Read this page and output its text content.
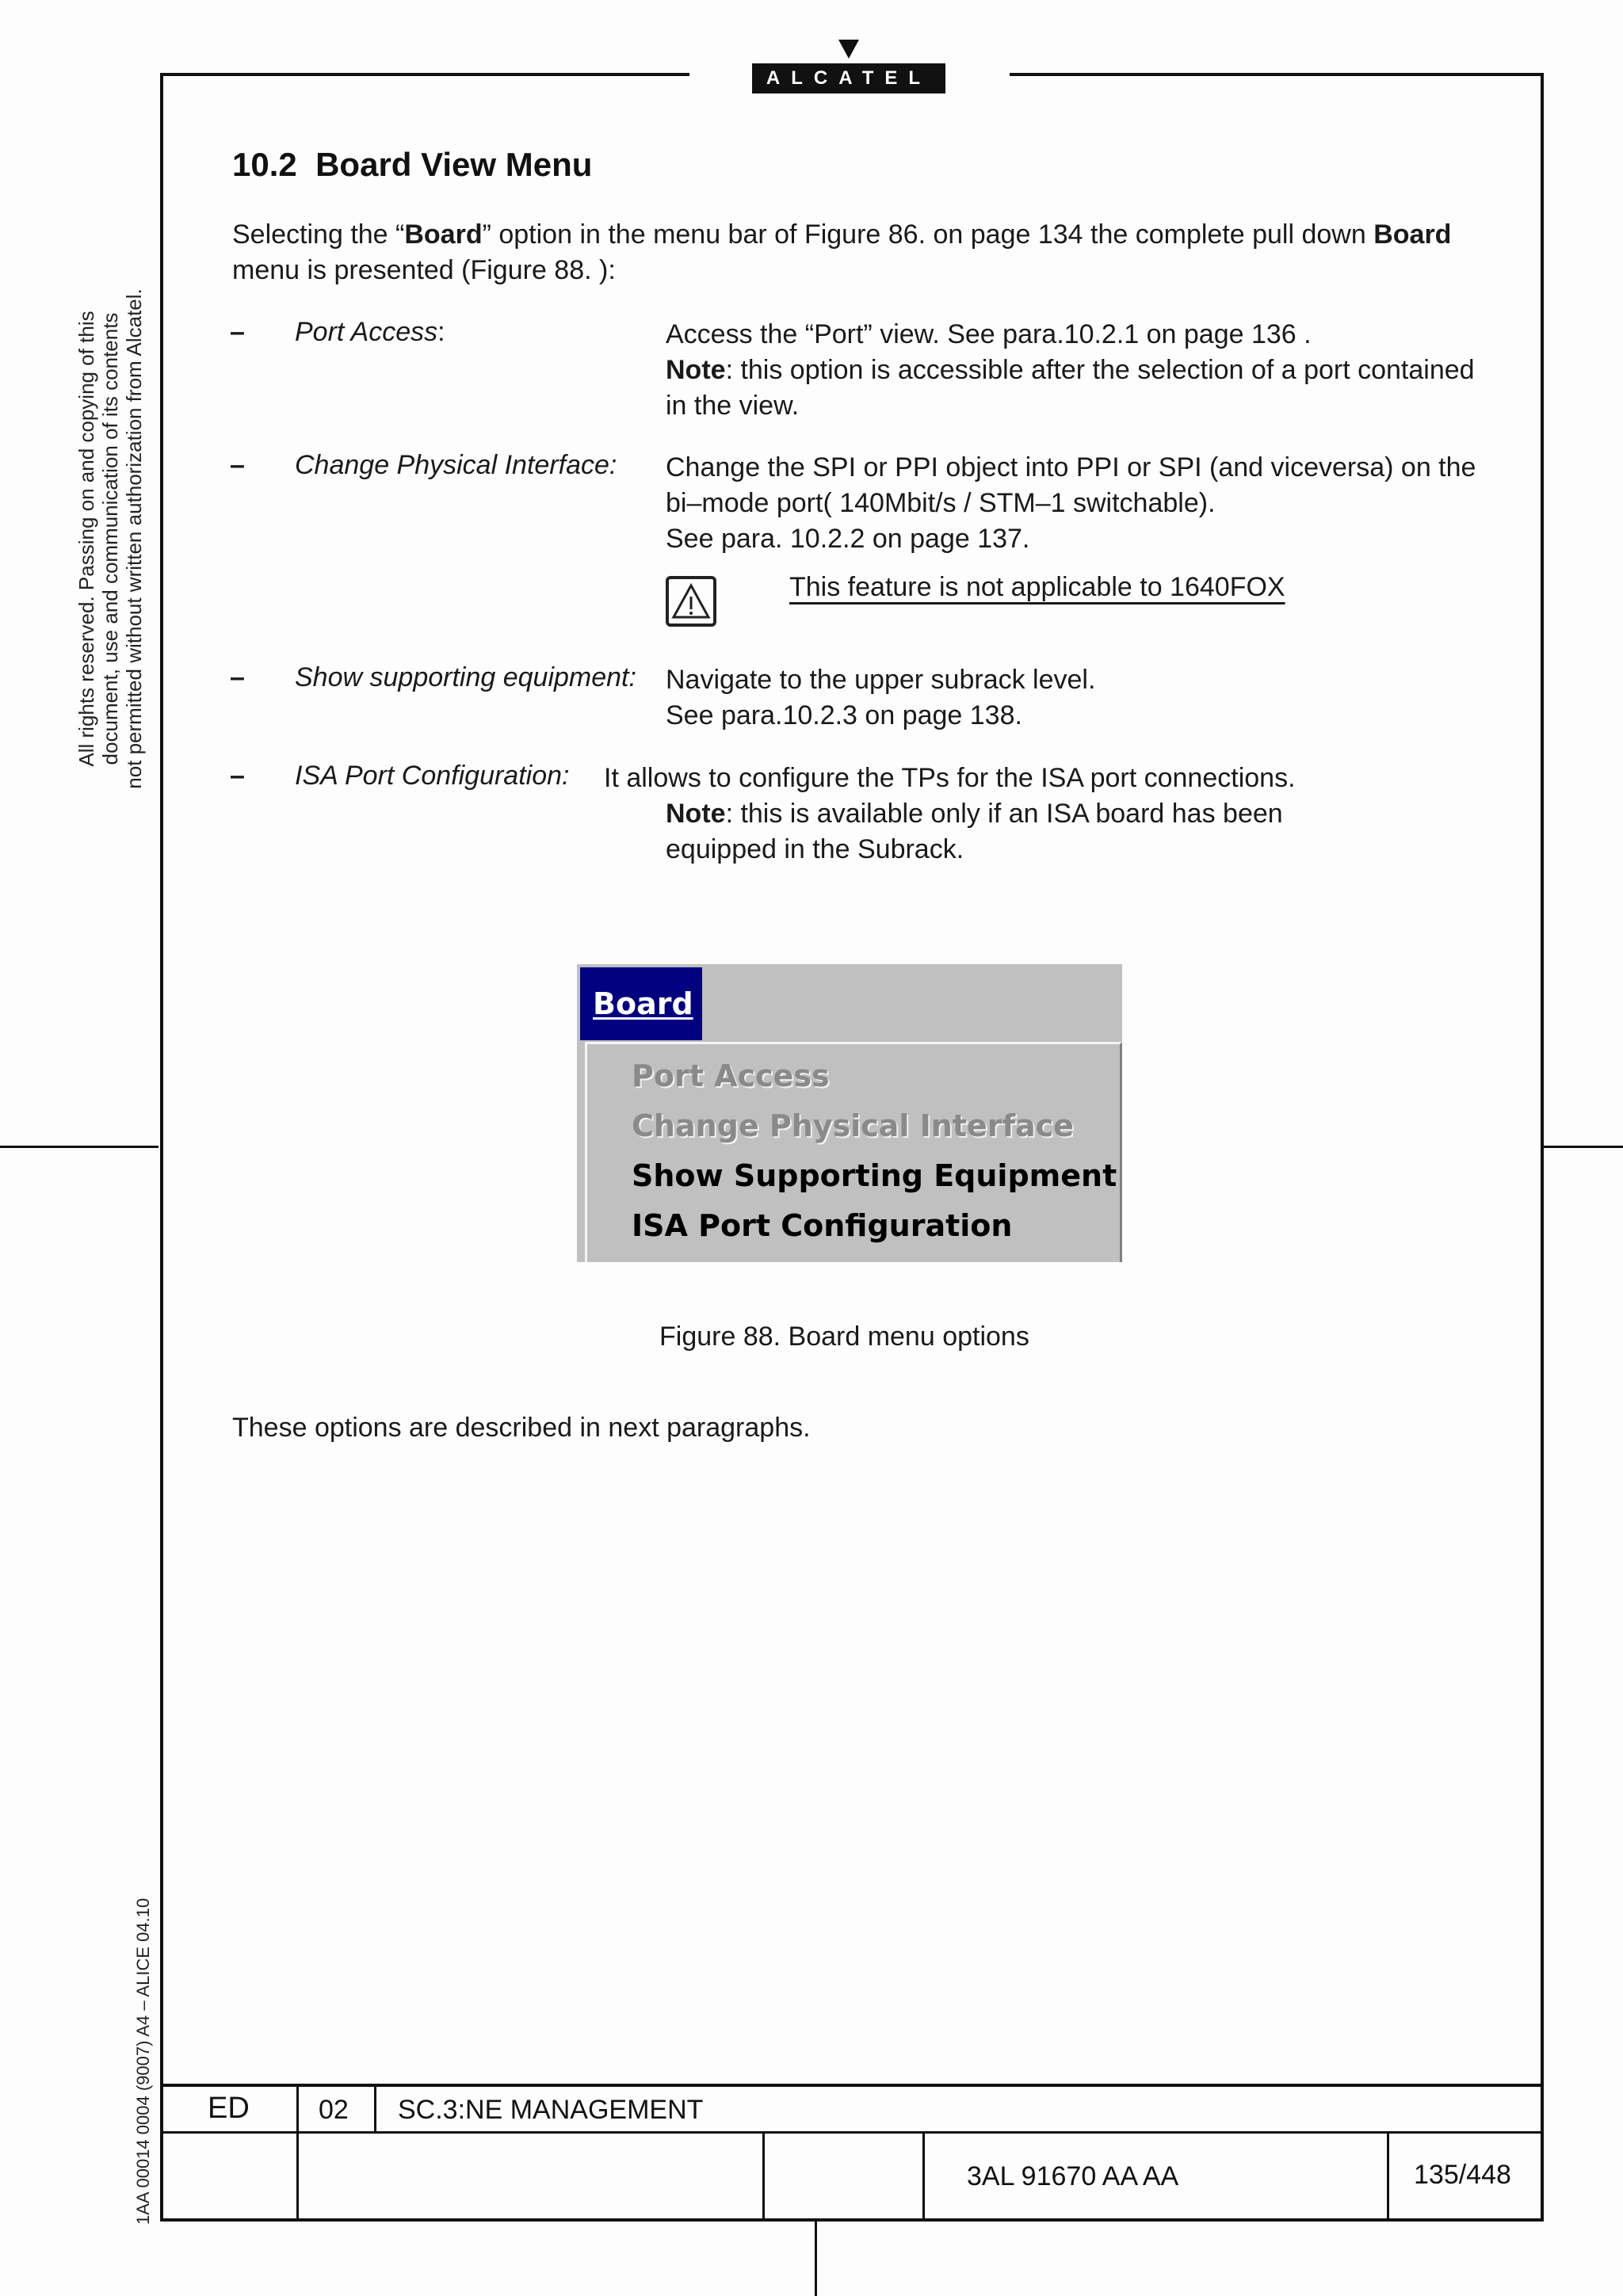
ALCATEL
All rights reserved. Passing on and copying of this document, use and communication of its contents not permitted without written authorization from Alcatel.
1AA 00014 0004 (9007) A4 – ALICE 04.10
10.2 Board View Menu
Selecting the “Board” option in the menu bar of Figure 86. on page 134 the complete pull down Board
menu is presented (Figure 88. ):
– Port Access:	Access the “Port” view. See para.10.2.1 on page 136 .
Note: this option is accessible after the selection of a port contained
in the view.
– Change Physical Interface: Change the SPI or PPI object into PPI or SPI (and viceversa) on the
bi–mode port( 140Mbit/s / STM–1 switchable).
See para. 10.2.2 on page 137.
This feature is not applicable to 1640FOX
– Show supporting equipment: Navigate to the upper subrack level.
See para.10.2.3 on page 138.
– ISA Port Configuration: It allows to configure the TPs for the ISA port connections.
Note: this is available only if an ISA board has been
equipped in the Subrack.
Board
Port Access
Change Physical Interface
Show Supporting Equipment
ISA Port Configuration
Figure 88. Board menu options
These options are described in next paragraphs.
ED	02 SC.3:NE MANAGEMENT
3AL 91670 AA AA	135/448
